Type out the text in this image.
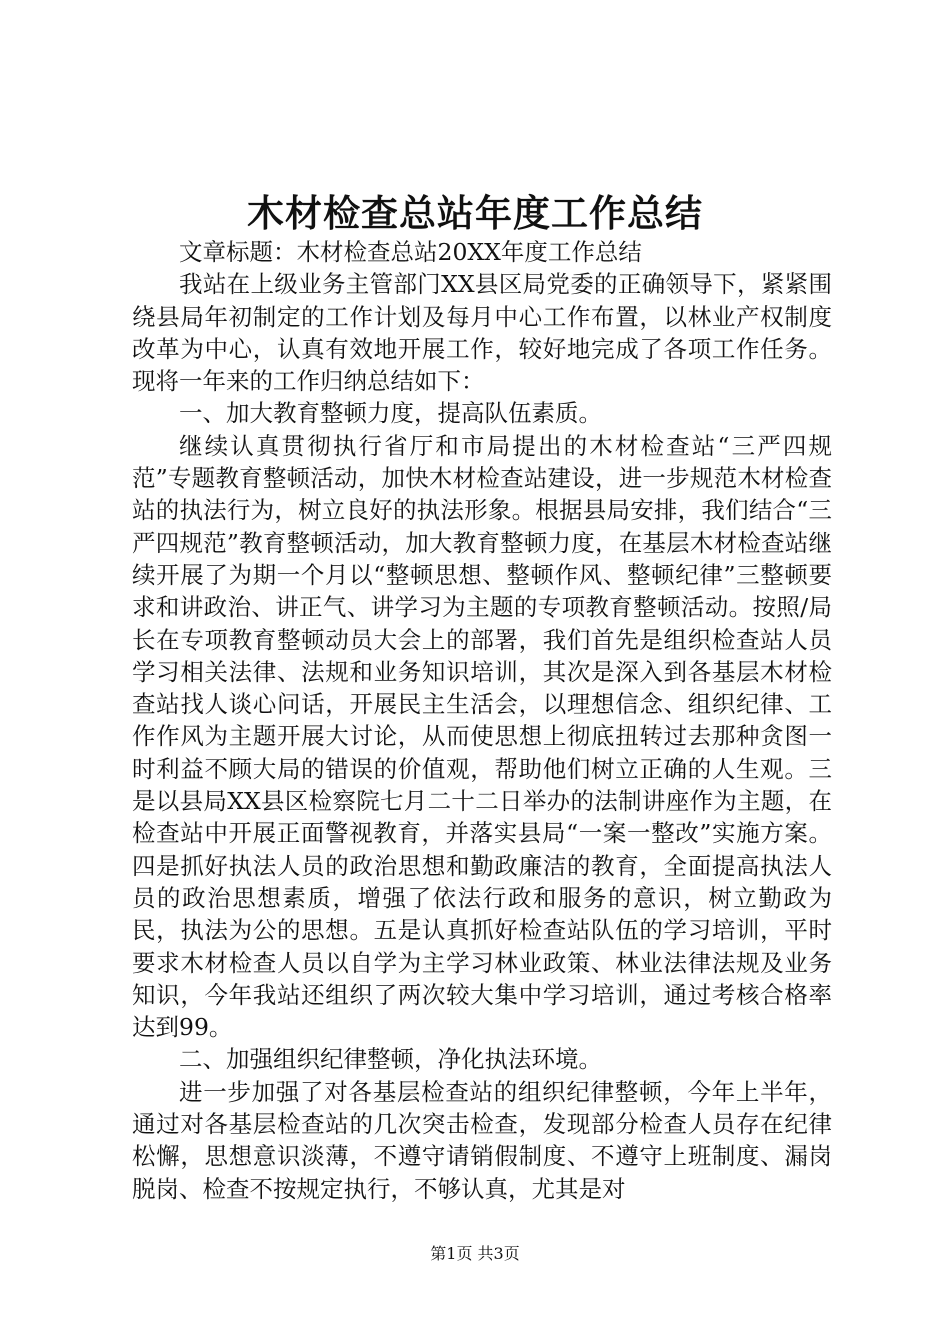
木材检查总站年度工作总结

文章标题：木材检查总站20XX年度工作总结

我站在上级业务主管部门XX县区局党委的正确领导下，紧紧围绕县局年初制定的工作计划及每月中心工作布置，以林业产权制度改革为中心，认真有效地开展工作，较好地完成了各项工作任务。现将一年来的工作归纳总结如下：

一、加大教育整顿力度，提高队伍素质。

继续认真贯彻执行省厅和市局提出的木材检查站“三严四规范”专题教育整顿活动，加快木材检查站建设，进一步规范木材检查站的执法行为，树立良好的执法形象。根据县局安排，我们结合“三严四规范”教育整顿活动，加大教育整顿力度，在基层木材检查站继续开展了为期一个月以“整顿思想、整顿作风、整顿纪律”三整顿要求和讲政治、讲正气、讲学习为主题的专项教育整顿活动。按照/局长在专项教育整顿动员大会上的部署，我们首先是组织检查站人员学习相关法律、法规和业务知识培训，其次是深入到各基层木材检查站找人谈心问话，开展民主生活会，以理想信念、组织纪律、工作作风为主题开展大讨论，从而使思想上彻底扭转过去那种贪图一时利益不顾大局的错误的价值观，帮助他们树立正确的人生观。三是以县局XX县区检察院七月二十二日举办的法制讲座作为主题，在检查站中开展正面警视教育，并落实县局“一案一整改”实施方案。四是抓好执法人员的政治思想和勤政廉洁的教育，全面提高执法人员的政治思想素质，增强了依法行政和服务的意识，树立勤政为民，执法为公的思想。五是认真抓好检查站队伍的学习培训，平时要求木材检查人员以自学为主学习林业政策、林业法律法规及业务知识，今年我站还组织了两次较大集中学习培训，通过考核合格率达到99。

二、加强组织纪律整顿，净化执法环境。

进一步加强了对各基层检查站的组织纪律整顿，今年上半年，通过对各基层检查站的几次突击检查，发现部分检查人员存在纪律松懈，思想意识淡薄，不遵守请销假制度、不遵守上班制度、漏岗脱岗、检查不按规定执行，不够认真，尤其是对

第1页 共3页
